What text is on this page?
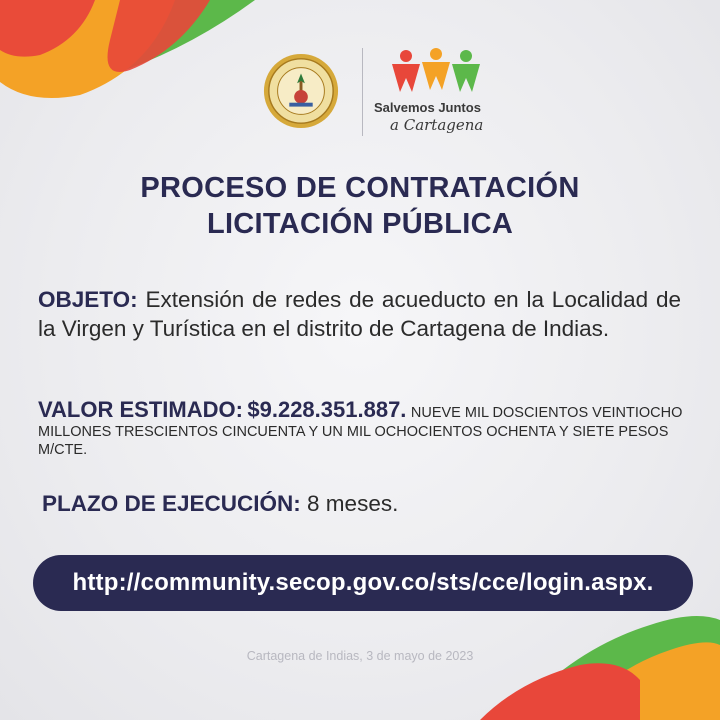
Salvemos Juntos
a Cartagena
PROCESO DE CONTRATACIÓN
LICITACIÓN PÚBLICA
OBJETO: Extensión de redes de acueducto en la Localidad de la Virgen y Turística en el distrito de Cartagena de Indias.
VALOR ESTIMADO: $9.228.351.887. NUEVE MIL DOSCIENTOS VEINTIOCHO MILLONES TRESCIENTOS CINCUENTA Y UN MIL OCHOCIENTOS OCHENTA Y SIETE PESOS M/CTE.
PLAZO DE EJECUCIÓN: 8 meses.
http://community.secop.gov.co/sts/cce/login.aspx.
Cartagena de Indias, 3 de mayo de 2023
